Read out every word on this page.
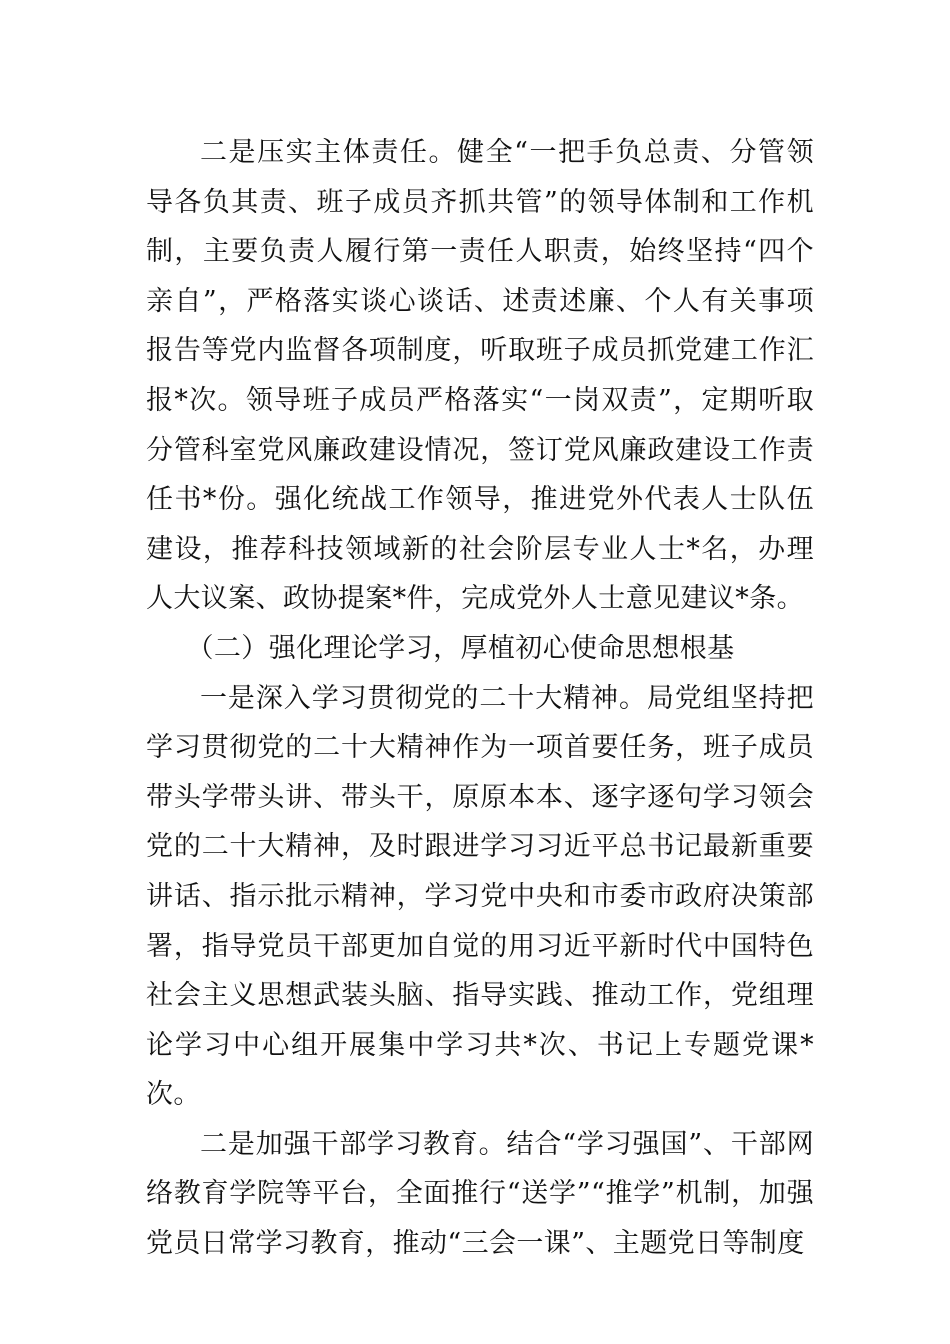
二是压实主体责任。健全“一把手负总责、分管领导各负其责、班子成员齐抓共管”的领导体制和工作机制，主要负责人履行第一责任人职责，始终坚持“四个亲自”，严格落实谈心谈话、述责述廉、个人有关事项报告等党内监督各项制度，听取班子成员抓党建工作汇报*次。领导班子成员严格落实“一岗双责”，定期听取分管科室党风廉政建设情况，签订党风廉政建设工作责任书*份。强化统战工作领导，推进党外代表人士队伍建设，推荐科技领域新的社会阶层专业人士*名，办理人大议案、政协提案*件，完成党外人士意见建议*条。

（二）强化理论学习，厚植初心使命思想根基

一是深入学习贯彻党的二十大精神。局党组坚持把学习贯彻党的二十大精神作为一项首要任务，班子成员带头学带头讲、带头干，原原本本、逐字逐句学习领会党的二十大精神，及时跟进学习习近平总书记最新重要讲话、指示批示精神，学习党中央和市委市政府决策部署，指导党员干部更加自觉的用习近平新时代中国特色社会主义思想武装头脑、指导实践、推动工作，党组理论学习中心组开展集中学习共*次、书记上专题党课*次。

二是加强干部学习教育。结合“学习强国”、干部网络教育学院等平台，全面推行“送学”“推学”机制，加强党员日常学习教育，推动“三会一课”、主题党日等制度
